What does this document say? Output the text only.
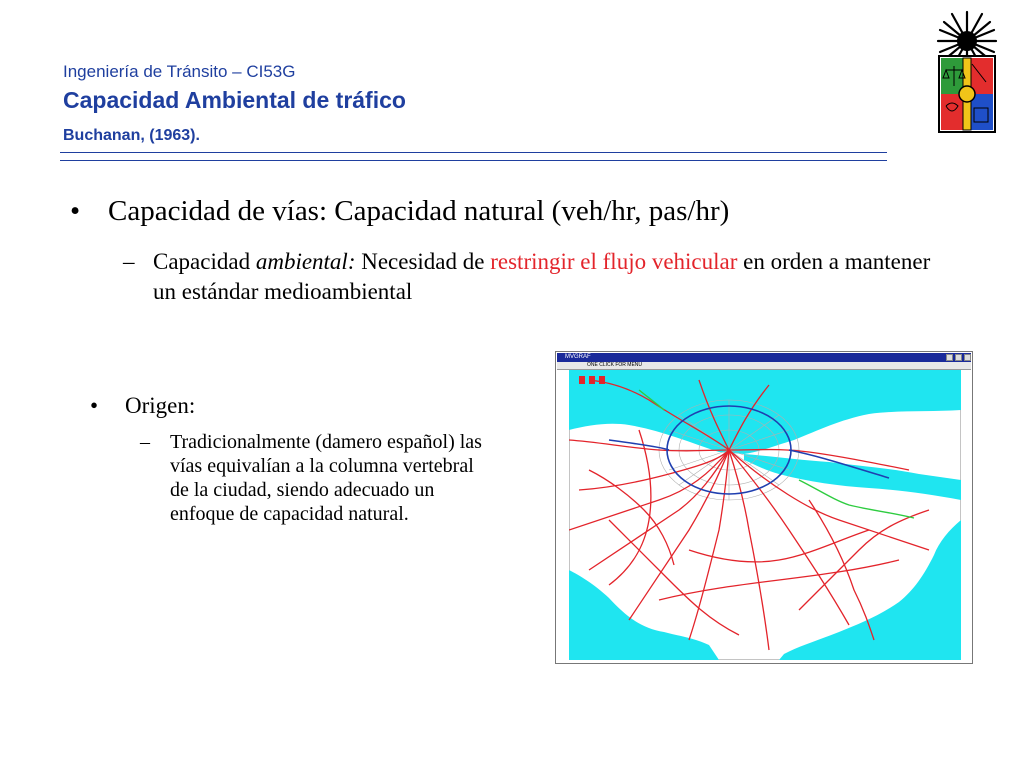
Ingeniería de Tránsito – CI53G
Capacidad Ambiental de tráfico
Buchanan, (1963).
• Capacidad de vías: Capacidad natural (veh/hr, pas/hr)
– Capacidad ambiental: Necesidad de restringir el flujo vehicular en orden a mantener un estándar medioambiental
• Origen:
– Tradicionalmente (damero español) las vías equivalían a la columna vertebral de la ciudad, siendo adecuado un enfoque de capacidad natural.
MVGRAF
ONE CLICK FOR MENU
